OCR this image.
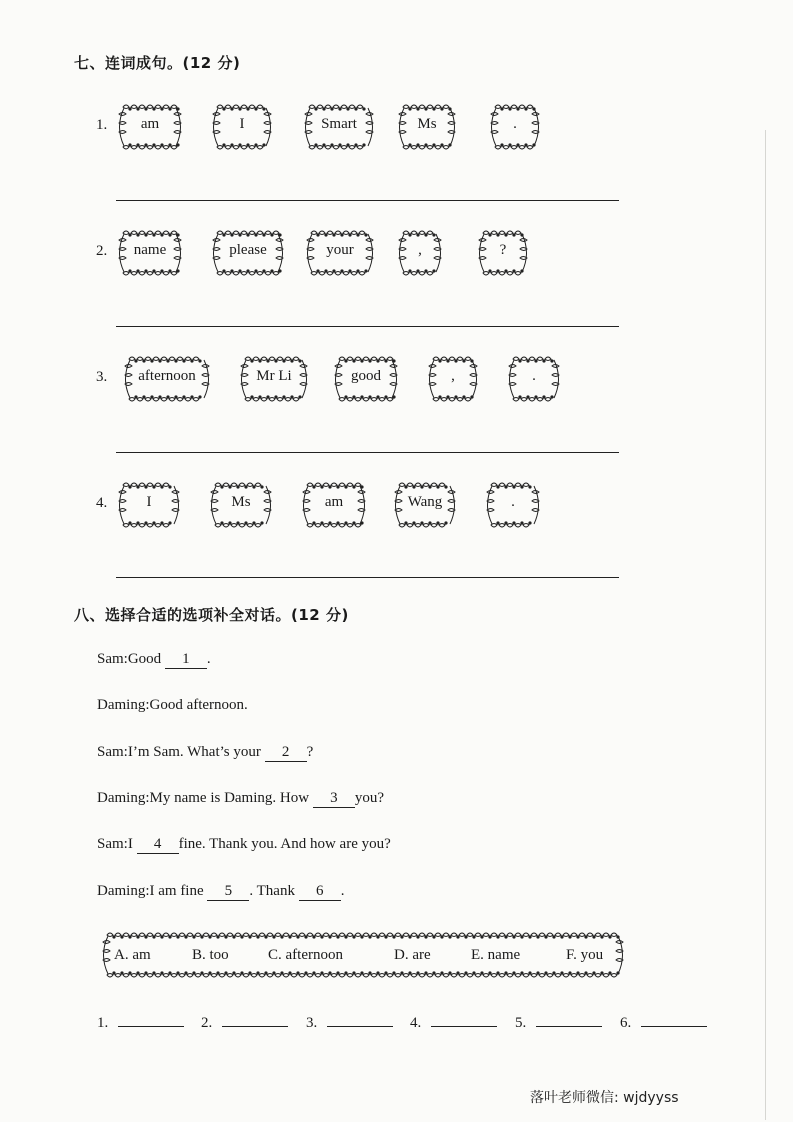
七、连词成句。(12 分)
1.	am	I	Smart	Ms	.
2.	name	please	your	,	?
3.	afternoon	Mr Li	good	,	.
4.	I	Ms	am	Wang	.
八、选择合适的选项补全对话。(12 分)
Sam:Good 1 .
Daming:Good afternoon.
Sam:I’m Sam. What’s your 2 ?
Daming:My name is Daming. How 3 you?
Sam:I 4 fine. Thank you. And how are you?
Daming:I am fine 5 . Thank 6 .
A. am	B. too	C. afternoon	D. are	E. name	F. you
1.	2.	3.	4.	5.	6.
落叶老师微信: wjdyyss
